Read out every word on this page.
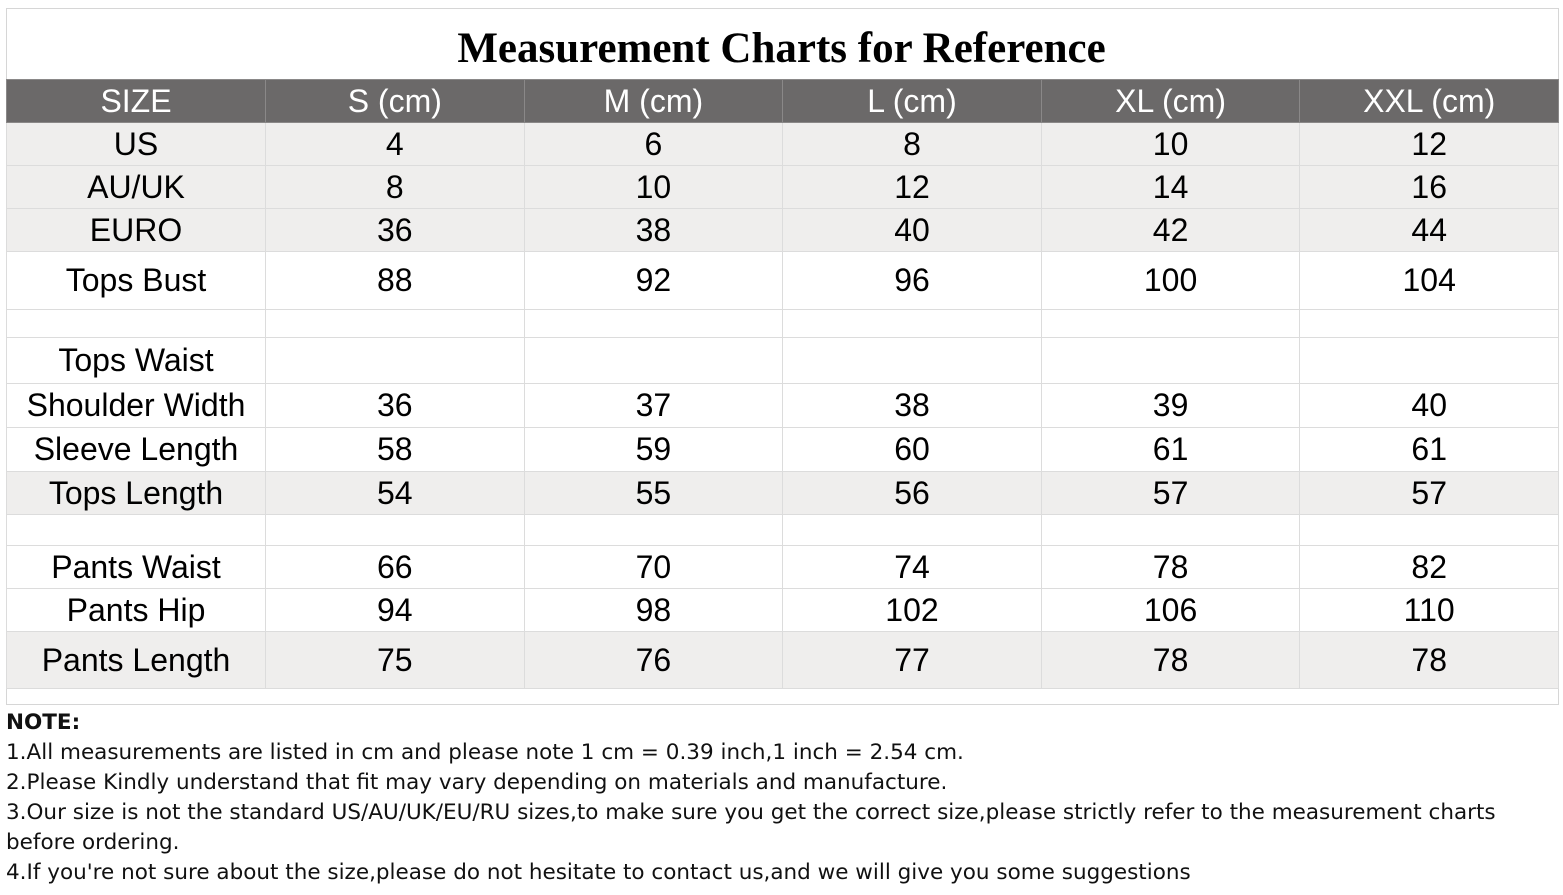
Measurement Charts for Reference
SIZE	S (cm)	M (cm)	L (cm)	XL (cm)	XXL (cm)
US	4	6	8	10	12
AU/UK	8	10	12	14	16
EURO	36	38	40	42	44
Tops Bust	88	92	96	100	104

Tops Waist					
Shoulder Width	36	37	38	39	40
Sleeve Length	58	59	60	61	61
Tops Length	54	55	56	57	57

Pants Waist	66	70	74	78	82
Pants Hip	94	98	102	106	110
Pants Length	75	76	77	78	78
NOTE:

1.All measurements are listed in cm and please note 1 cm = 0.39 inch,1 inch = 2.54 cm.

2.Please Kindly understand that fit may vary depending on materials and manufacture.

3.Our size is not the standard US/AU/UK/EU/RU sizes,to make sure you get the correct size,please strictly refer to the measurement charts before ordering.

4.If you're not sure about the size,please do not hesitate to contact us,and we will give you some suggestions
